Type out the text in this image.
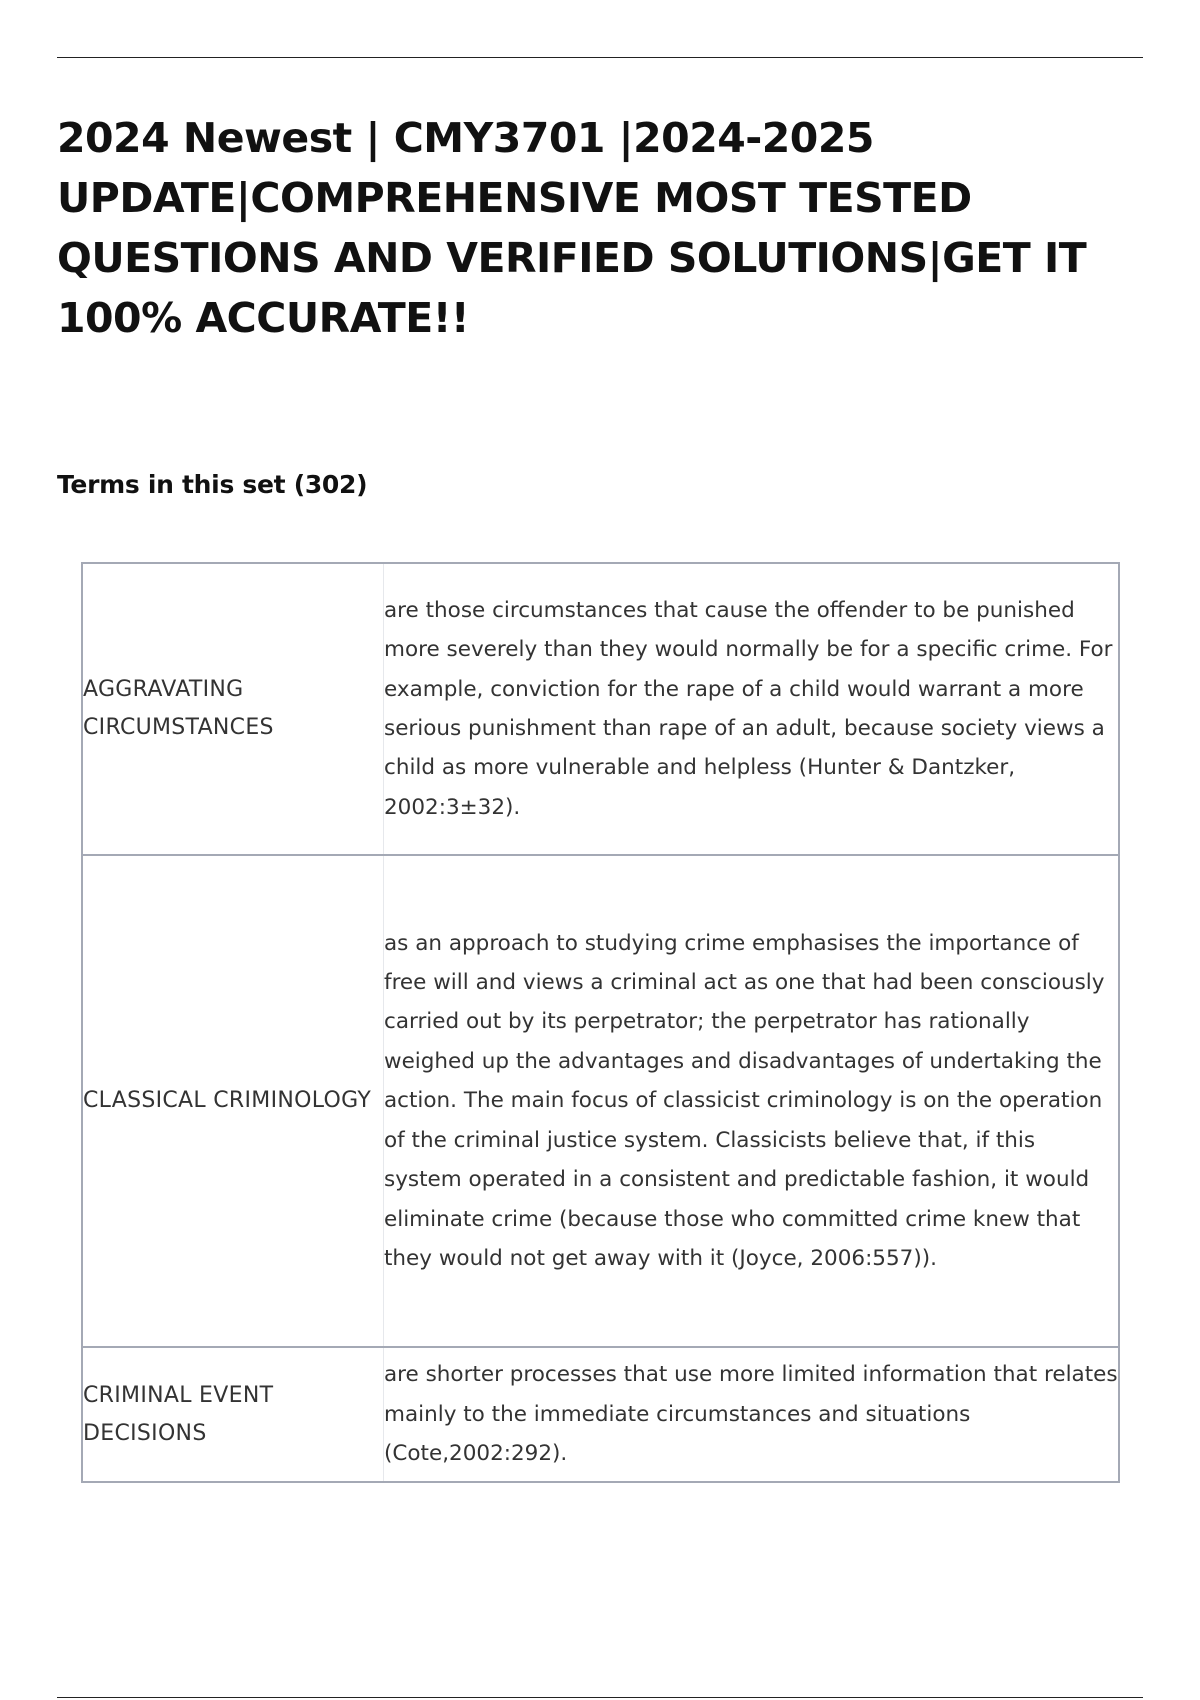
2024 Newest | CMY3701 |2024-2025 UPDATE|COMPREHENSIVE MOST TESTED QUESTIONS AND VERIFIED SOLUTIONS|GET IT 100% ACCURATE!!
Terms in this set (302)
AGGRAVATING CIRCUMSTANCES	are those circumstances that cause the offender to be punished more severely than they would normally be for a specific crime. For example, conviction for the rape of a child would warrant a more serious punishment than rape of an adult, because society views a child as more vulnerable and helpless (Hunter & Dantzker, 2002:3±32).
CLASSICAL CRIMINOLOGY	as an approach to studying crime emphasises the importance of free will and views a criminal act as one that had been consciously carried out by its perpetrator; the perpetrator has rationally weighed up the advantages and disadvantages of undertaking the action. The main focus of classicist criminology is on the operation of the criminal justice system. Classicists believe that, if this system operated in a consistent and predictable fashion, it would eliminate crime (because those who committed crime knew that they would not get away with it (Joyce, 2006:557)).
CRIMINAL EVENT DECISIONS	are shorter processes that use more limited information that relates mainly to the immediate circumstances and situations (Cote,2002:292).
